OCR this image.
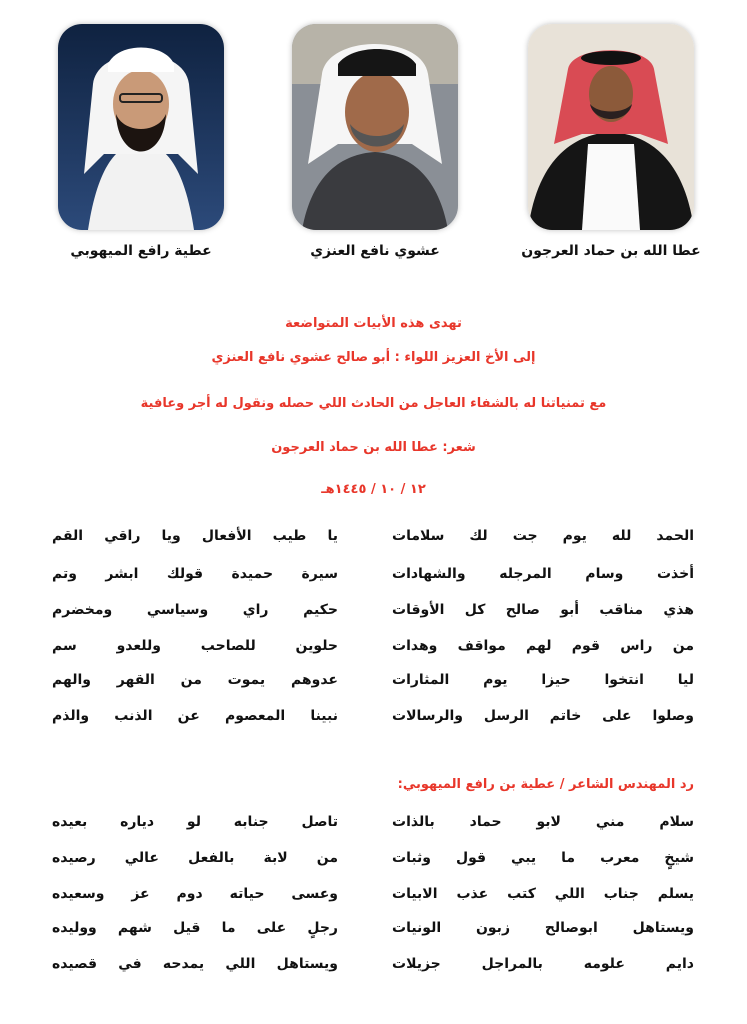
عطية رافع الميهوبي	عشوي نافع العنزي	عطا الله بن حماد العرجون
تهدى هذه الأبيات المتواضعة
إلى الأخ العزيز اللواء : أبو صالح عشوي نافع العنزي
مع تمنياتنا له بالشفاء العاجل من الحادث اللي حصله ونقول له أجر وعافية
شعر: عطا الله بن حماد العرجون
١٢ / ١٠ / ١٤٤٥هـ
الحمد لله يوم جت لك سلامات
أخذت وسام المرجله والشهادات
هذي مناقب أبو صالح كل الأوقات
من راس قوم لهم مواقف وهدات
ليا انتخوا حيزا يوم المثارات
وصلوا على خاتم الرسل والرسالات
يا طيب الأفعال ويا راقي القم
سيرة حميدة قولك ابشر وتم
حكيم راي وسياسي ومخضرم
حلوين للصاحب وللعدو سم
عدوهم يموت من القهر والهم
نبينا المعصوم عن الذنب والذم
رد المهندس الشاعر / عطية بن رافع الميهوبي:
سلام مني لابو حماد بالذات
شيخٍ معرب ما يبي قول وثبات
يسلم جناب اللي كتب عذب الابيات
ويستاهل ابوصالح زبون الونيات
دايم علومه بالمراجل جزيلات
تاصل جنابه لو دياره بعيده
من لابة بالفعل عالي رصيده
وعسى حياته دوم عز وسعيده
رجلٍ على ما قيل شهم ووليده
ويستاهل اللي يمدحه في قصيده
